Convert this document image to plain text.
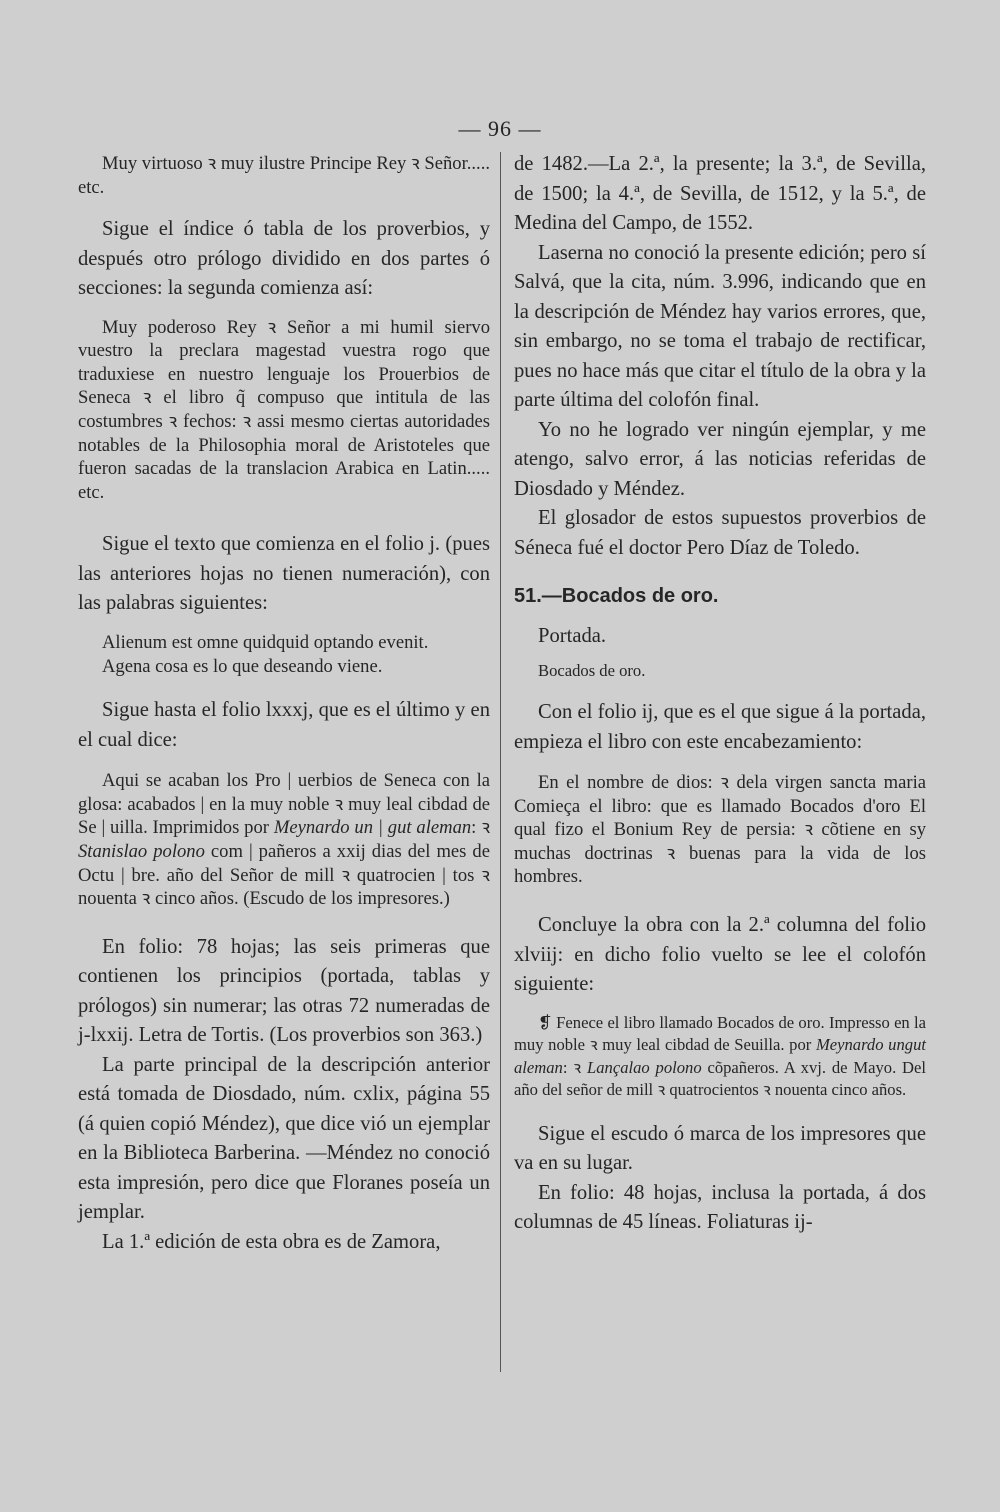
— 96 —

Muy virtuoso ꝛ muy ilustre Principe Rey ꝛ Señor..... etc.

Sigue el índice ó tabla de los proverbios, y después otro prólogo dividido en dos partes ó secciones: la segunda comienza así:

Muy poderoso Rey ꝛ Señor a mi humil siervo vuestro la preclara magestad vuestra rogo que traduxiese en nuestro lenguaje los Prouerbios de Seneca ꝛ el libro q̃ compuso que intitula de las costumbres ꝛ fechos: ꝛ assi mesmo ciertas autoridades notables de la Philosophia moral de Aristoteles que fueron sacadas de la translacion Arabica en Latin..... etc.

Sigue el texto que comienza en el folio j. (pues las anteriores hojas no tienen numeración), con las palabras siguientes:

Alienum est omne quidquid optando evenit.

Agena cosa es lo que deseando viene.

Sigue hasta el folio lxxxj, que es el último y en el cual dice:

Aqui se acaban los Pro | uerbios de Seneca con la glosa: acabados | en la muy noble ꝛ muy leal cibdad de Se | uilla. Imprimidos por Meynardo un | gut aleman: ꝛ Stanislao polono com | pañeros a xxij dias del mes de Octu | bre. año del Señor de mill ꝛ quatrocien | tos ꝛ nouenta ꝛ cinco años. (Escudo de los impresores.)

En folio: 78 hojas; las seis primeras que contienen los principios (portada, tablas y prólogos) sin numerar; las otras 72 numeradas de j-lxxij. Letra de Tortis. (Los proverbios son 363.)

La parte principal de la descripción anterior está tomada de Diosdado, núm. cxlix, página 55 (á quien copió Méndez), que dice vió un ejemplar en la Biblioteca Barberina. —Méndez no conoció esta impresión, pero dice que Floranes poseía un jemplar.

La 1.ª edición de esta obra es de Zamora,

de 1482.—La 2.ª, la presente; la 3.ª, de Sevilla, de 1500; la 4.ª, de Sevilla, de 1512, y la 5.ª, de Medina del Campo, de 1552.

Laserna no conoció la presente edición; pero sí Salvá, que la cita, núm. 3.996, indicando que en la descripción de Méndez hay varios errores, que, sin embargo, no se toma el trabajo de rectificar, pues no hace más que citar el título de la obra y la parte última del colofón final.

Yo no he logrado ver ningún ejemplar, y me atengo, salvo error, á las noticias referidas de Diosdado y Méndez.

El glosador de estos supuestos proverbios de Séneca fué el doctor Pero Díaz de Toledo.

51.—Bocados de oro.

Portada.

Bocados de oro.

Con el folio ij, que es el que sigue á la portada, empieza el libro con este encabezamiento:

En el nombre de dios: ꝛ dela virgen sancta maria Comieça el libro: que es llamado Bocados d'oro El qual fizo el Bonium Rey de persia: ꝛ cõtiene en sy muchas doctrinas ꝛ buenas para la vida de los hombres.

Concluye la obra con la 2.ª columna del folio xlviij: en dicho folio vuelto se lee el colofón siguiente:

❡ Fenece el libro llamado Bocados de oro. Impresso en la muy noble ꝛ muy leal cibdad de Seuilla. por Meynardo ungut aleman: ꝛ Lançalao polono cõpañeros. A xvj. de Mayo. Del año del señor de mill ꝛ quatrocientos ꝛ nouenta cinco años.

Sigue el escudo ó marca de los impresores que va en su lugar.

En folio: 48 hojas, inclusa la portada, á dos columnas de 45 líneas. Foliaturas ij-
